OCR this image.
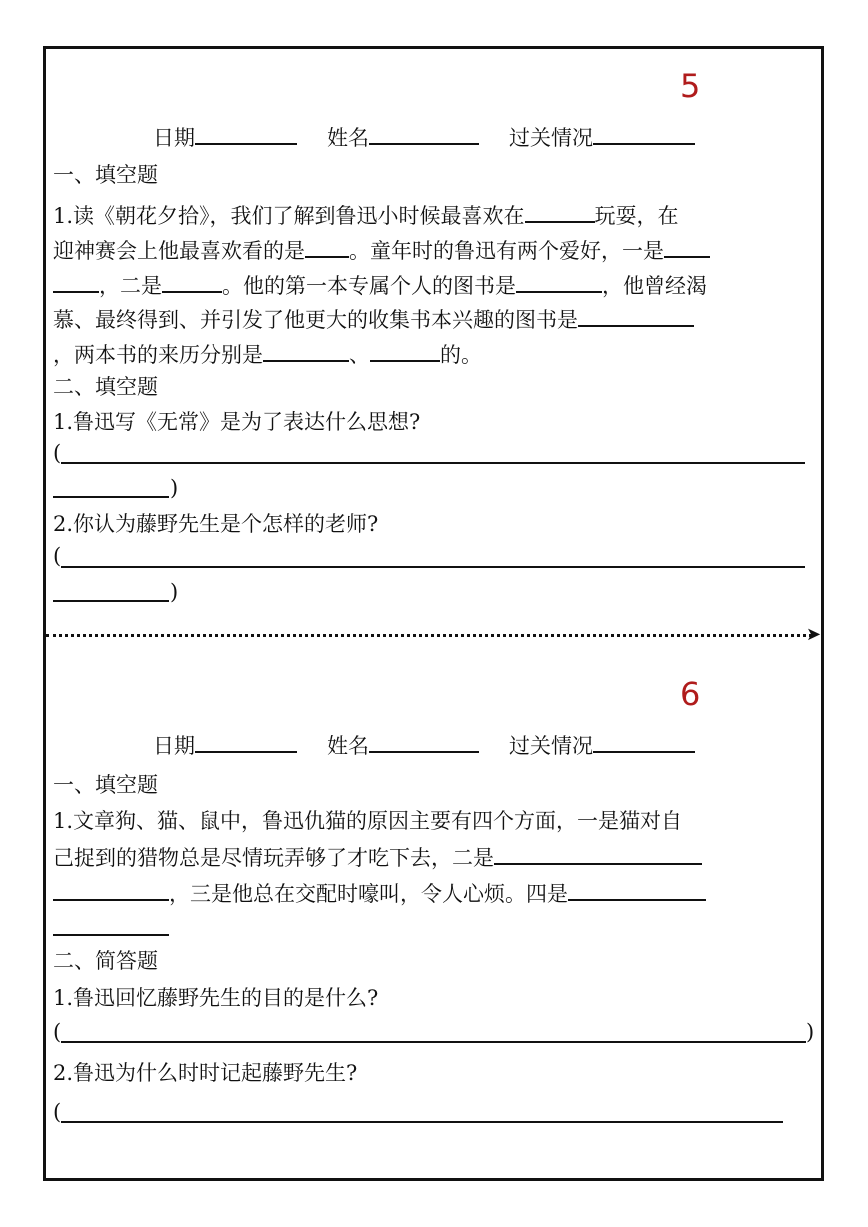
5
日期	姓名	过关情况
一、填空题
1.读《朝花夕拾》，我们了解到鲁迅小时候最喜欢在	玩耍，在
迎神赛会上他最喜欢看的是 。童年时的鲁迅有两个爱好，一是
，二是	。他的第一本专属个人的图书是	，他曾经渴
慕、最终得到、并引发了他更大的收集书本兴趣的图书是
，两本书的来历分别是	、	的。
二、填空题
1.鲁迅写《无常》是为了表达什么思想?
(
)
2.你认为藤野先生是个怎样的老师?
(
)
➤
6
日期	姓名	过关情况
一、填空题
1.文章狗、猫、鼠中，鲁迅仇猫的原因主要有四个方面，一是猫对自
己捉到的猎物总是尽情玩弄够了才吃下去，二是
，三是他总在交配时嚎叫，令人心烦。四是
二、简答题
1.鲁迅回忆藤野先生的目的是什么?
(	)
2.鲁迅为什么时时记起藤野先生?
(
